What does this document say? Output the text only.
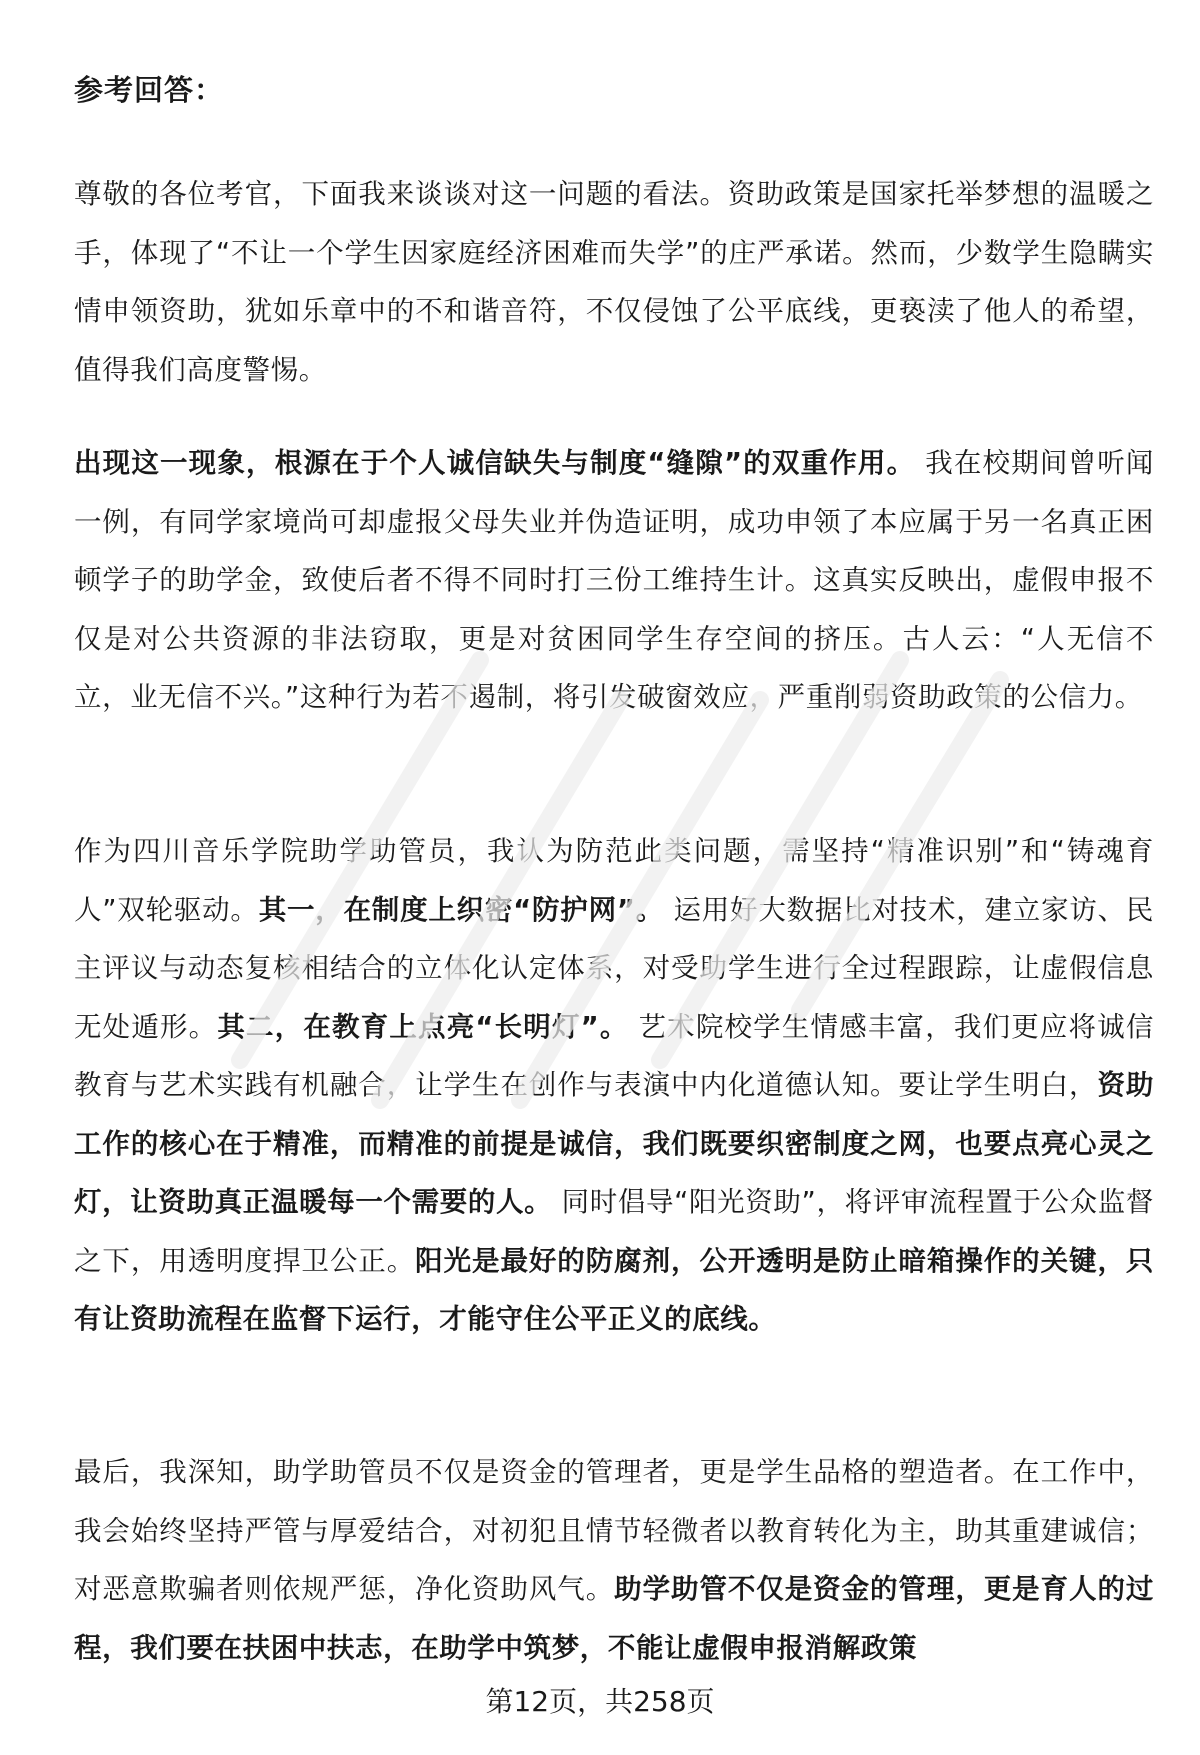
参考回答：
尊敬的各位考官，下面我来谈谈对这一问题的看法。资助政策是国家托举梦想的温暖之手，体现了“不让一个学生因家庭经济困难而失学”的庄严承诺。然而，少数学生隐瞒实情申领资助，犹如乐章中的不和谐音符，不仅侵蚀了公平底线，更亵渎了他人的希望，值得我们高度警惕。
出现这一现象，根源在于个人诚信缺失与制度“缝隙”的双重作用。 我在校期间曾听闻一例，有同学家境尚可却虚报父母失业并伪造证明，成功申领了本应属于另一名真正困顿学子的助学金，致使后者不得不同时打三份工维持生计。这真实反映出，虚假申报不仅是对公共资源的非法窃取，更是对贫困同学生存空间的挤压。古人云：“人无信不立，业无信不兴。”这种行为若不遏制，将引发破窗效应，严重削弱资助政策的公信力。
作为四川音乐学院助学助管员，我认为防范此类问题，需坚持“精准识别”和“铸魂育人”双轮驱动。其一，在制度上织密“防护网”。 运用好大数据比对技术，建立家访、民主评议与动态复核相结合的立体化认定体系，对受助学生进行全过程跟踪，让虚假信息无处遁形。其二，在教育上点亮“长明灯”。 艺术院校学生情感丰富，我们更应将诚信教育与艺术实践有机融合，让学生在创作与表演中内化道德认知。要让学生明白，资助工作的核心在于精准，而精准的前提是诚信，我们既要织密制度之网，也要点亮心灵之灯，让资助真正温暖每一个需要的人。 同时倡导“阳光资助”，将评审流程置于公众监督之下，用透明度捍卫公正。阳光是最好的防腐剂，公开透明是防止暗箱操作的关键，只有让资助流程在监督下运行，才能守住公平正义的底线。
最后，我深知，助学助管员不仅是资金的管理者，更是学生品格的塑造者。在工作中，我会始终坚持严管与厚爱结合，对初犯且情节轻微者以教育转化为主，助其重建诚信；对恶意欺骗者则依规严惩，净化资助风气。助学助管不仅是资金的管理，更是育人的过程，我们要在扶困中扶志，在助学中筑梦，不能让虚假申报消解政策
第12页，共258页
